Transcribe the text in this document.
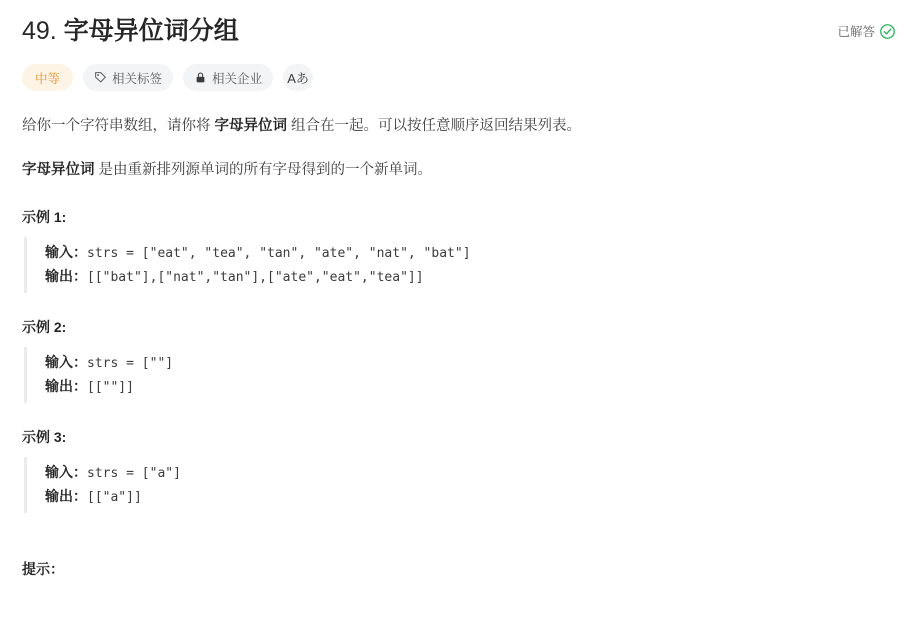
49. 字母异位词分组	已解答
中等	相关标签	相关企业 Aあ

给你一个字符串数组，请你将 字母异位词 组合在一起。可以按任意顺序返回结果列表。

字母异位词 是由重新排列源单词的所有字母得到的一个新单词。

示例 1:
输入：strs = ["eat", "tea", "tan", "ate", "nat", "bat"]
输出：[["bat"],["nat","tan"],["ate","eat","tea"]]
示例 2:
输入：strs = [""]
输出：[[""]]
示例 3:
输入：strs = ["a"]
输出：[["a"]]
提示：
